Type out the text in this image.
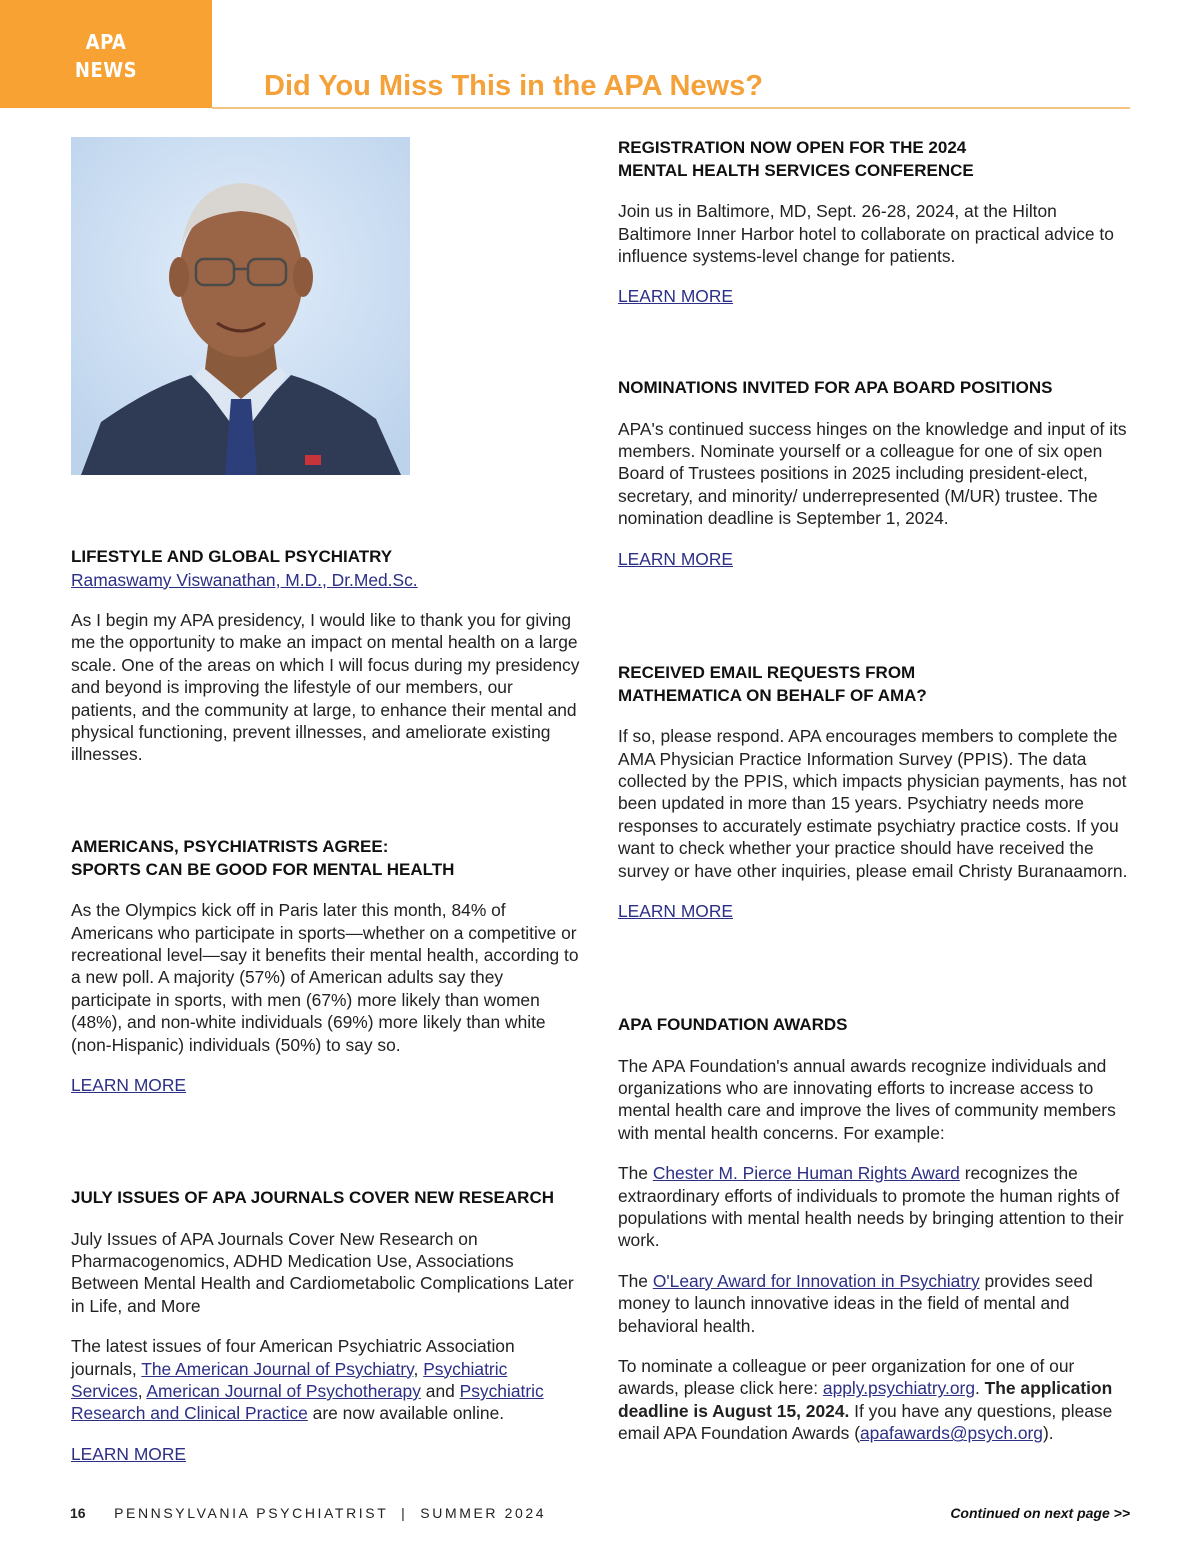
APA
NEWS	Did You Miss This in the APA News?
LIFESTYLE AND GLOBAL PSYCHIATRY
Ramaswamy Viswanathan, M.D., Dr.Med.Sc.

As I begin my APA presidency, I would like to thank you for giving me the opportunity to make an impact on mental health on a large scale. One of the areas on which I will focus during my presidency and beyond is improving the lifestyle of our members, our patients, and the community at large, to enhance their mental and physical functioning, prevent illnesses, and ameliorate existing illnesses.

AMERICANS, PSYCHIATRISTS AGREE:
SPORTS CAN BE GOOD FOR MENTAL HEALTH

As the Olympics kick off in Paris later this month, 84% of Americans who participate in sports—whether on a competitive or recreational level—say it benefits their mental health, according to a new poll. A majority (57%) of American adults say they participate in sports, with men (67%) more likely than women (48%), and non-white individuals (69%) more likely than white (non-Hispanic) individuals (50%) to say so.

LEARN MORE
JULY ISSUES OF APA JOURNALS COVER NEW RESEARCH

July Issues of APA Journals Cover New Research on Pharmacogenomics, ADHD Medication Use, Associations Between Mental Health and Cardiometabolic Complications Later in Life, and More

The latest issues of four American Psychiatric Association journals, The American Journal of Psychiatry, Psychiatric Services, American Journal of Psychotherapy and Psychiatric Research and Clinical Practice are now available online.

LEARN MORE
REGISTRATION NOW OPEN FOR THE 2024
MENTAL HEALTH SERVICES CONFERENCE

Join us in Baltimore, MD, Sept. 26-28, 2024, at the Hilton Baltimore Inner Harbor hotel to collaborate on practical advice to influence systems-level change for patients.

LEARN MORE
NOMINATIONS INVITED FOR APA BOARD POSITIONS

APA's continued success hinges on the knowledge and input of its members. Nominate yourself or a colleague for one of six open Board of Trustees positions in 2025 including president-elect, secretary, and minority/ underrepresented (M/UR) trustee. The nomination deadline is September 1, 2024.

LEARN MORE
RECEIVED EMAIL REQUESTS FROM
MATHEMATICA ON BEHALF OF AMA?

If so, please respond. APA encourages members to complete the AMA Physician Practice Information Survey (PPIS). The data collected by the PPIS, which impacts physician payments, has not been updated in more than 15 years. Psychiatry needs more responses to accurately estimate psychiatry practice costs. If you want to check whether your practice should have received the survey or have other inquiries, please email Christy Buranaamorn.

LEARN MORE
APA FOUNDATION AWARDS

The APA Foundation's annual awards recognize individuals and organizations who are innovating efforts to increase access to mental health care and improve the lives of community members with mental health concerns. For example:

The Chester M. Pierce Human Rights Award recognizes the extraordinary efforts of individuals to promote the human rights of populations with mental health needs by bringing attention to their work.

The O'Leary Award for Innovation in Psychiatry provides seed money to launch innovative ideas in the field of mental and behavioral health.

To nominate a colleague or peer organization for one of our awards, please click here: apply.psychiatry.org. The application deadline is August 15, 2024. If you have any questions, please email APA Foundation Awards (apafawards@psych.org).

16 PENNSYLVANIA PSYCHIATRIST  |  SUMMER 2024	Continued on next page >>
